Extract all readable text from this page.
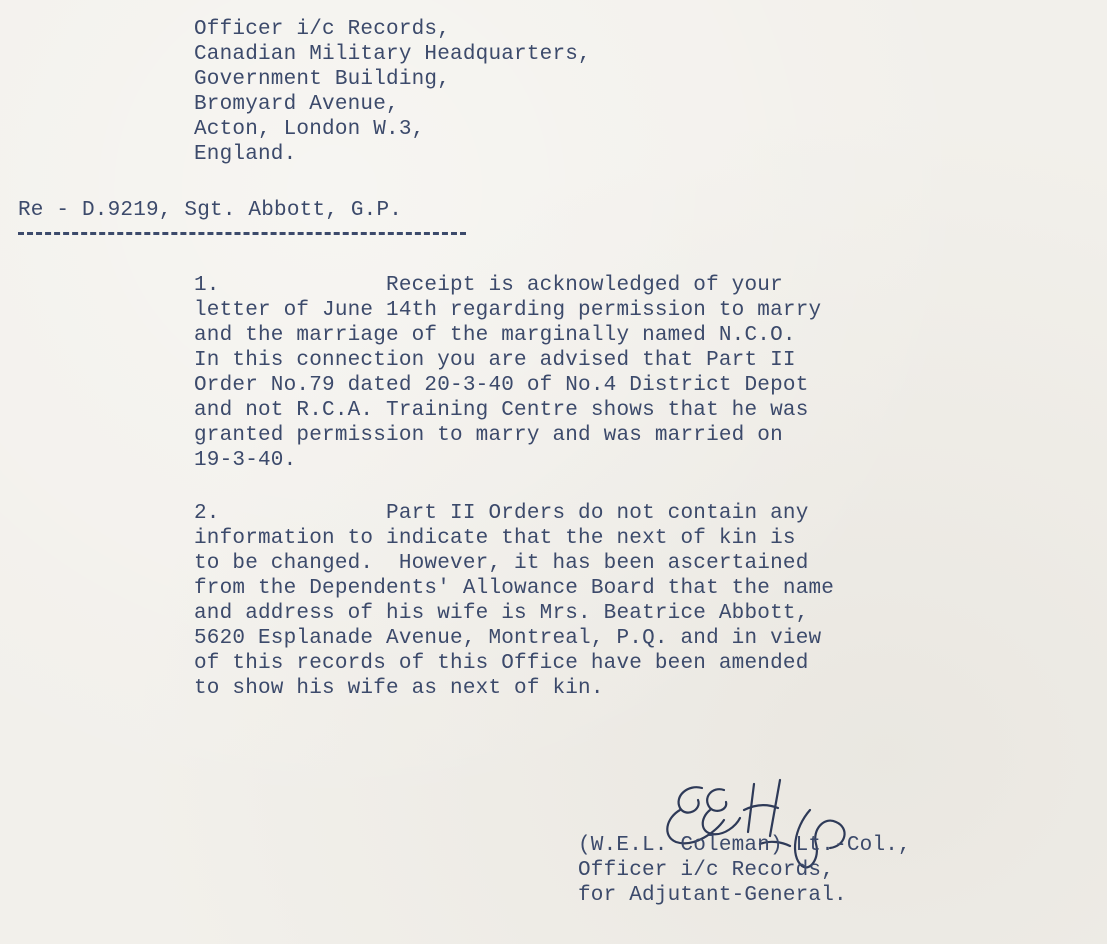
Officer i/c Records,
Canadian Military Headquarters,
Government Building,
Bromyard Avenue,
Acton, London W.3,
England.
Re - D.9219, Sgt. Abbott, G.P.
1.             Receipt is acknowledged of your
letter of June 14th regarding permission to marry
and the marriage of the marginally named N.C.O.
In this connection you are advised that Part II
Order No.79 dated 20-3-40 of No.4 District Depot
and not R.C.A. Training Centre shows that he was
granted permission to marry and was married on
19-3-40.
2.             Part II Orders do not contain any
information to indicate that the next of kin is
to be changed.  However, it has been ascertained
from the Dependents' Allowance Board that the name
and address of his wife is Mrs. Beatrice Abbott,
5620 Esplanade Avenue, Montreal, P.Q. and in view
of this records of this Office have been amended
to show his wife as next of kin.
(W.E.L. Coleman) Lt.-Col.,
Officer i/c Records,
for Adjutant-General.
